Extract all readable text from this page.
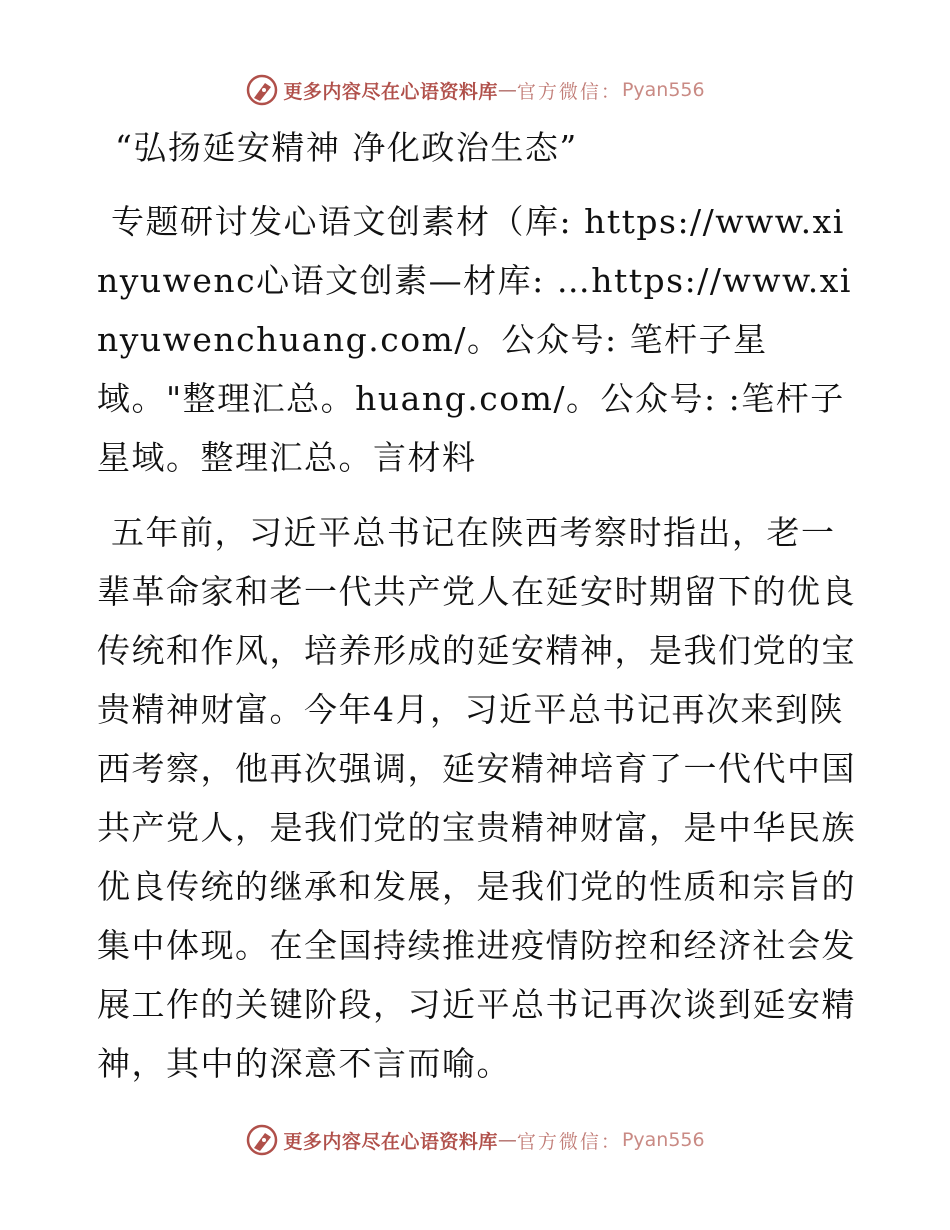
更多内容尽在心语资料库 — 官方微信： Pyan556
“弘扬延安精神 净化政治生态”

专题研讨发心语文创素材（库: https://www.xinyuwenc心语文创素—材库: …https://www.xinyuwenchuang.com/。公众号: 笔杆子星域。"整理汇总。huang.com/。公众号: :笔杆子星域。整理汇总。言材料

五年前，习近平总书记在陕西考察时指出，老一辈革命家和老一代共产党人在延安时期留下的优良传统和作风，培养形成的延安精神，是我们党的宝贵精神财富。今年4月，习近平总书记再次来到陕西考察，他再次强调，延安精神培育了一代代中国共产党人，是我们党的宝贵精神财富，是中华民族优良传统的继承和发展，是我们党的性质和宗旨的集中体现。在全国持续推进疫情防控和经济社会发展工作的关键阶段，习近平总书记再次谈到延安精神，其中的深意不言而喻。

更多内容尽在心语资料库 — 官方微信： Pyan556
